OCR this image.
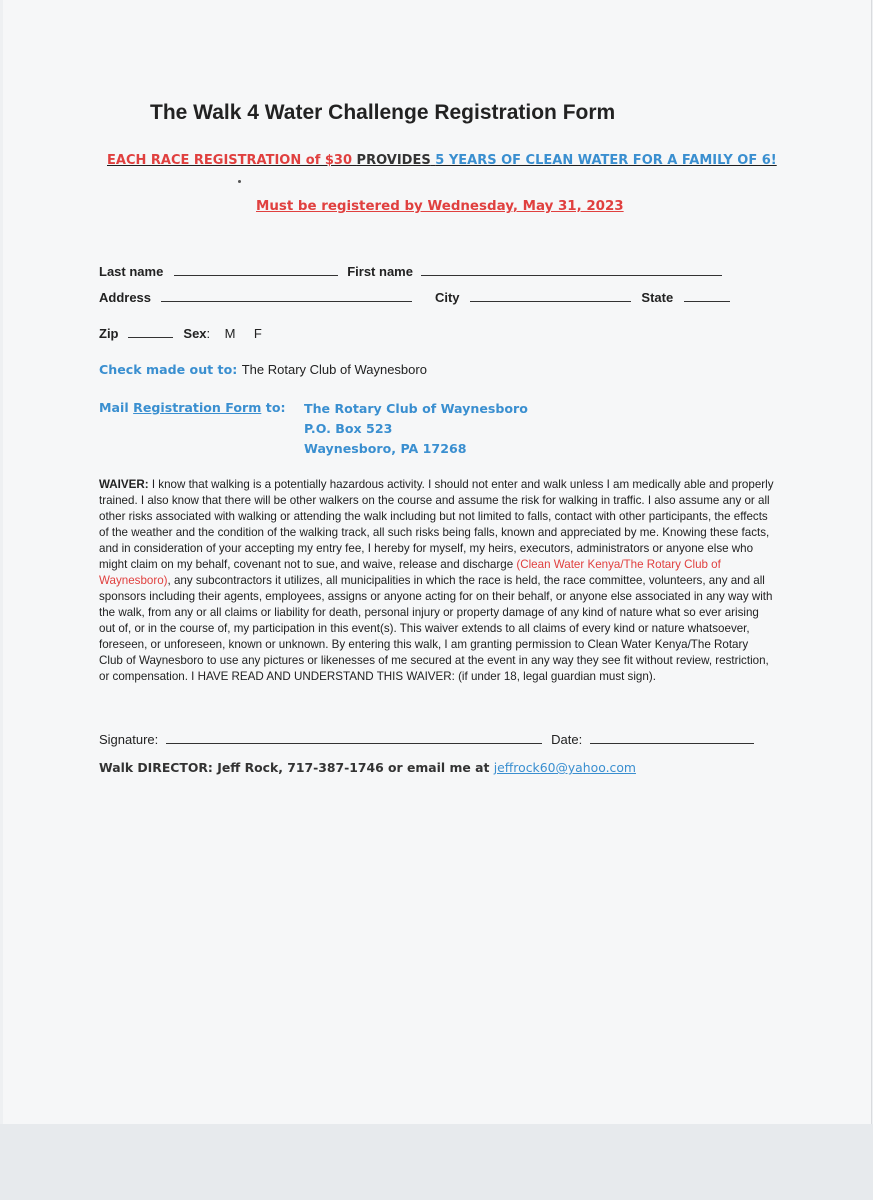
The Walk 4 Water Challenge Registration Form
EACH RACE REGISTRATION of $30 PROVIDES 5 YEARS OF CLEAN WATER FOR A FAMILY OF 6!
Must be registered by Wednesday, May 31, 2023
Last name	First name
Address	City	State
Zip	Sex: M F
Check made out to: The Rotary Club of Waynesboro
Mail Registration Form to: The Rotary Club of Waynesboro
P.O. Box 523
Waynesboro, PA 17268
WAIVER: I know that walking is a potentially hazardous activity. I should not enter and walk unless I am medically able and properly trained. I also know that there will be other walkers on the course and assume the risk for walking in traffic. I also assume any or all other risks associated with walking or attending the walk including but not limited to falls, contact with other participants, the effects of the weather and the condition of the walking track, all such risks being falls, known and appreciated by me. Knowing these facts, and in consideration of your accepting my entry fee, I hereby for myself, my heirs, executors, administrators or anyone else who might claim on my behalf, covenant not to sue, and waive, release and discharge (Clean Water Kenya/The Rotary Club of Waynesboro), any subcontractors it utilizes, all municipalities in which the race is held, the race committee, volunteers, any and all sponsors including their agents, employees, assigns or anyone acting for on their behalf, or anyone else associated in any way with the walk, from any or all claims or liability for death, personal injury or property damage of any kind of nature what so ever arising out of, or in the course of, my participation in this event(s). This waiver extends to all claims of every kind or nature whatsoever, foreseen, or unforeseen, known or unknown. By entering this walk, I am granting permission to Clean Water Kenya/The Rotary Club of Waynesboro to use any pictures or likenesses of me secured at the event in any way they see fit without review, restriction, or compensation. I HAVE READ AND UNDERSTAND THIS WAIVER: (if under 18, legal guardian must sign).
Signature:	Date:
Walk DIRECTOR: Jeff Rock, 717-387-1746 or email me at jeffrock60@yahoo.com
